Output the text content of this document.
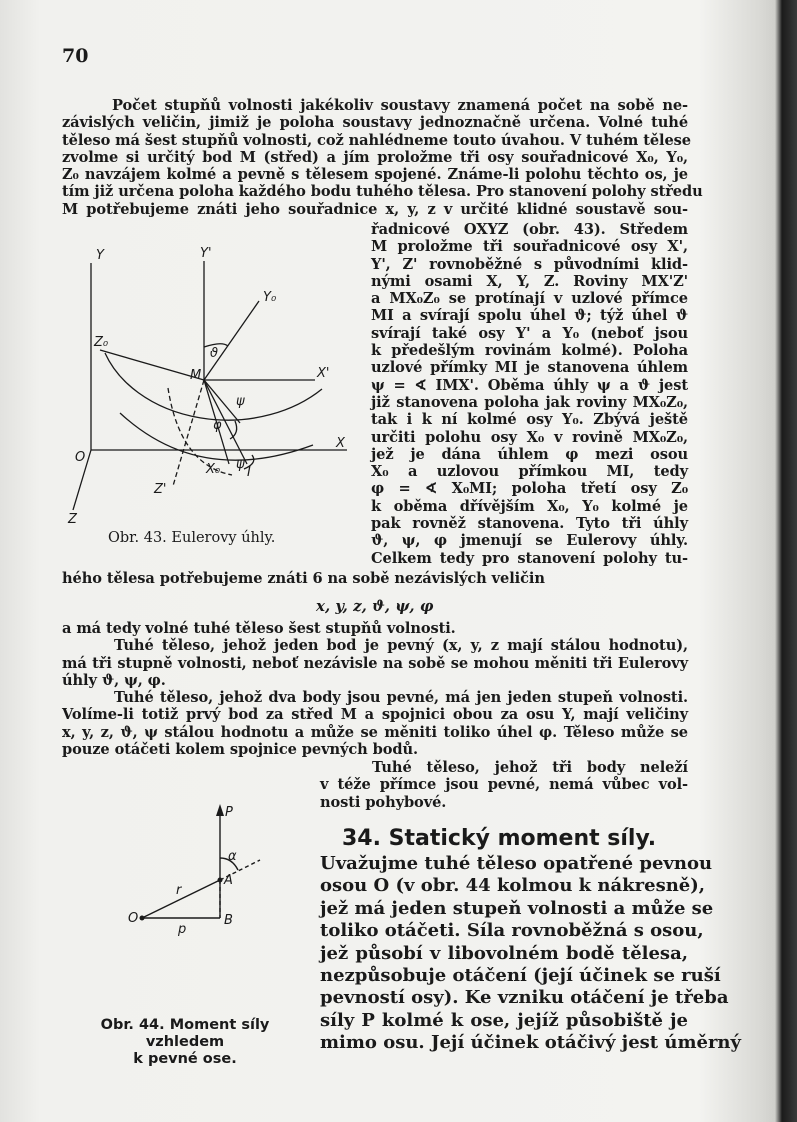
70
Počet stupňů volnosti jakékoliv soustavy znamená počet na sobě ne-
závislých veličin, jimiž je poloha soustavy jednoznačně určena. Volné tuhé
těleso má šest stupňů volnosti, což nahlédneme touto úvahou. V tuhém tělese
zvolme si určitý bod M (střed) a jím proložme tři osy souřadnicové X₀, Y₀,
Z₀ navzájem kolmé a pevně s tělesem spojené. Známe-li polohu těchto os, je
tím již určena poloha každého bodu tuhého tělesa. Pro stanovení polohy středu
M potřebujeme znáti jeho souřadnice x, y, z v určité klidné soustavě sou-
Y	Y'
Y₀
Z₀
M	X'
X
O
X₀ I
Z'
Z
ϑ
ψ
φ
ψ
Obr. 43. Eulerovy úhly.
řadnicové OXYZ (obr. 43). Středem
M proložme tři souřadnicové osy X',
Y', Z' rovnoběžné s původními klid-
nými osami X, Y, Z. Roviny MX'Z'
a MX₀Z₀ se protínají v uzlové přímce
MI a svírají spolu úhel ϑ; týž úhel ϑ
svírají také osy Y' a Y₀ (neboť jsou
k předešlým rovinám kolmé). Poloha
uzlové přímky MI je stanovena úhlem
ψ = ∢ IMX'. Oběma úhly ψ a ϑ jest
již stanovena poloha jak roviny MX₀Z₀,
tak i k ní kolmé osy Y₀. Zbývá ještě
určiti polohu osy X₀ v rovině MX₀Z₀,
jež je dána úhlem φ mezi osou
X₀ a uzlovou přímkou MI, tedy
φ = ∢ X₀MI; poloha třetí osy Z₀
k oběma dřívějším X₀, Y₀ kolmé je
pak rovněž stanovena. Tyto tři úhly
ϑ, ψ, φ jmenují se Eulerovy úhly.
Celkem tedy pro stanovení polohy tu-
hého tělesa potřebujeme znáti 6 na sobě nezávislých veličin
x, y, z, ϑ, ψ, φ
a má tedy volné tuhé těleso šest stupňů volnosti.
Tuhé těleso, jehož jeden bod je pevný (x, y, z mají stálou hodnotu),
má tři stupně volnosti, neboť nezávisle na sobě se mohou měniti tři Eulerovy
úhly ϑ, ψ, φ.
Tuhé těleso, jehož dva body jsou pevné, má jen jeden stupeň volnosti.
Volíme-li totiž prvý bod za střed M a spojnici obou za osu Y, mají veličiny
x, y, z, ϑ, ψ stálou hodnotu a může se měniti toliko úhel φ. Těleso může se
pouze otáčeti kolem spojnice pevných bodů.
Tuhé těleso, jehož tři body neleží
v téže přímce jsou pevné, nemá vůbec vol-
nosti pohybové.
P
α
A
r
O
p
B
Obr. 44. Moment síly vzhledem
k pevné ose.
34. Statický moment síly.
Uvažujme tuhé těleso opatřené pevnou
osou O (v obr. 44 kolmou k nákresně),
jež má jeden stupeň volnosti a může se
toliko otáčeti. Síla rovnoběžná s osou,
jež působí v libovolném bodě tělesa,
nezpůsobuje otáčení (její účinek se ruší
pevností osy). Ke vzniku otáčení je třeba
síly P kolmé k ose, jejíž působiště je
mimo osu. Její účinek otáčivý jest úměrný
